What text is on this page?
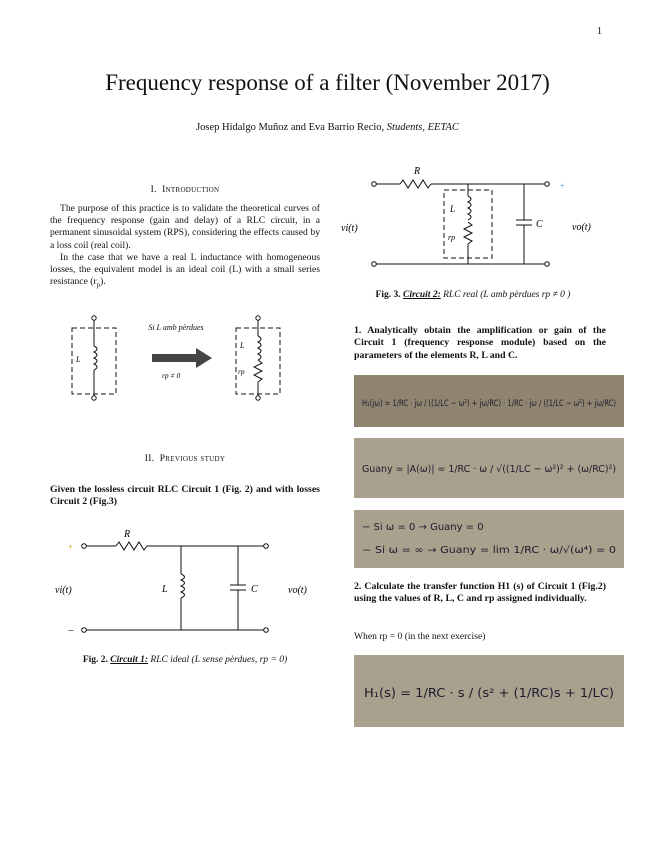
1
Frequency response of a filter (November 2017)
Josep Hidalgo Muñoz and Eva Barrio Recio, Students, EETAC
I. Introduction

The purpose of this practice is to validate the theoretical curves of the frequency response (gain and delay) of a RLC circuit, in a permanent sinusoidal system (RPS), considering the effects caused by a loss coil (real coil).

In the case that we have a real L inductance with homogeneous losses, the equivalent model is an ideal coil (L) with a small series resistance $(r_p)$.

L
L
rp
Si L amb pèrdues
rp ≠ 0
II. Previous study
Given the lossless circuit RLC Circuit 1 (Fig. 2) and with losses Circuit 2 (Fig.3)
R
L	C
vi(t)	vo(t)
+
−
Fig. 2. Circuit 1: RLC ideal (L sense pèrdues, rp = 0)
R
L
rp
C
vi(t)	vo(t)
+
Fig. 3. Circuit 2: RLC real (L amb pèrdues rp ≠ 0 )
1. Analytically obtain the amplification or gain of the Circuit 1 (frequency response module) based on the parameters of the elements R, L and C.
H₁(jω) = 1/RC · jω / ((1/LC − ω²) + jω/RC) · 1/RC · jω / ((1/LC − ω²) + jω/RC)
Guany = |A(ω)| = 1/RC · ω / √((1/LC − ω²)² + (ω/RC)²)
− Si ω = 0 → Guany = 0
− Si ω = ∞ → Guany = lim 1/RC · ω/√(ω⁴) = 0
2. Calculate the transfer function H1 (s) of Circuit 1 (Fig.2) using the values of R, L, C and rp assigned individually.
When rp = 0 (in the next exercise)
H₁(s) = 1/RC · s / (s² + (1/RC)s + 1/LC)
